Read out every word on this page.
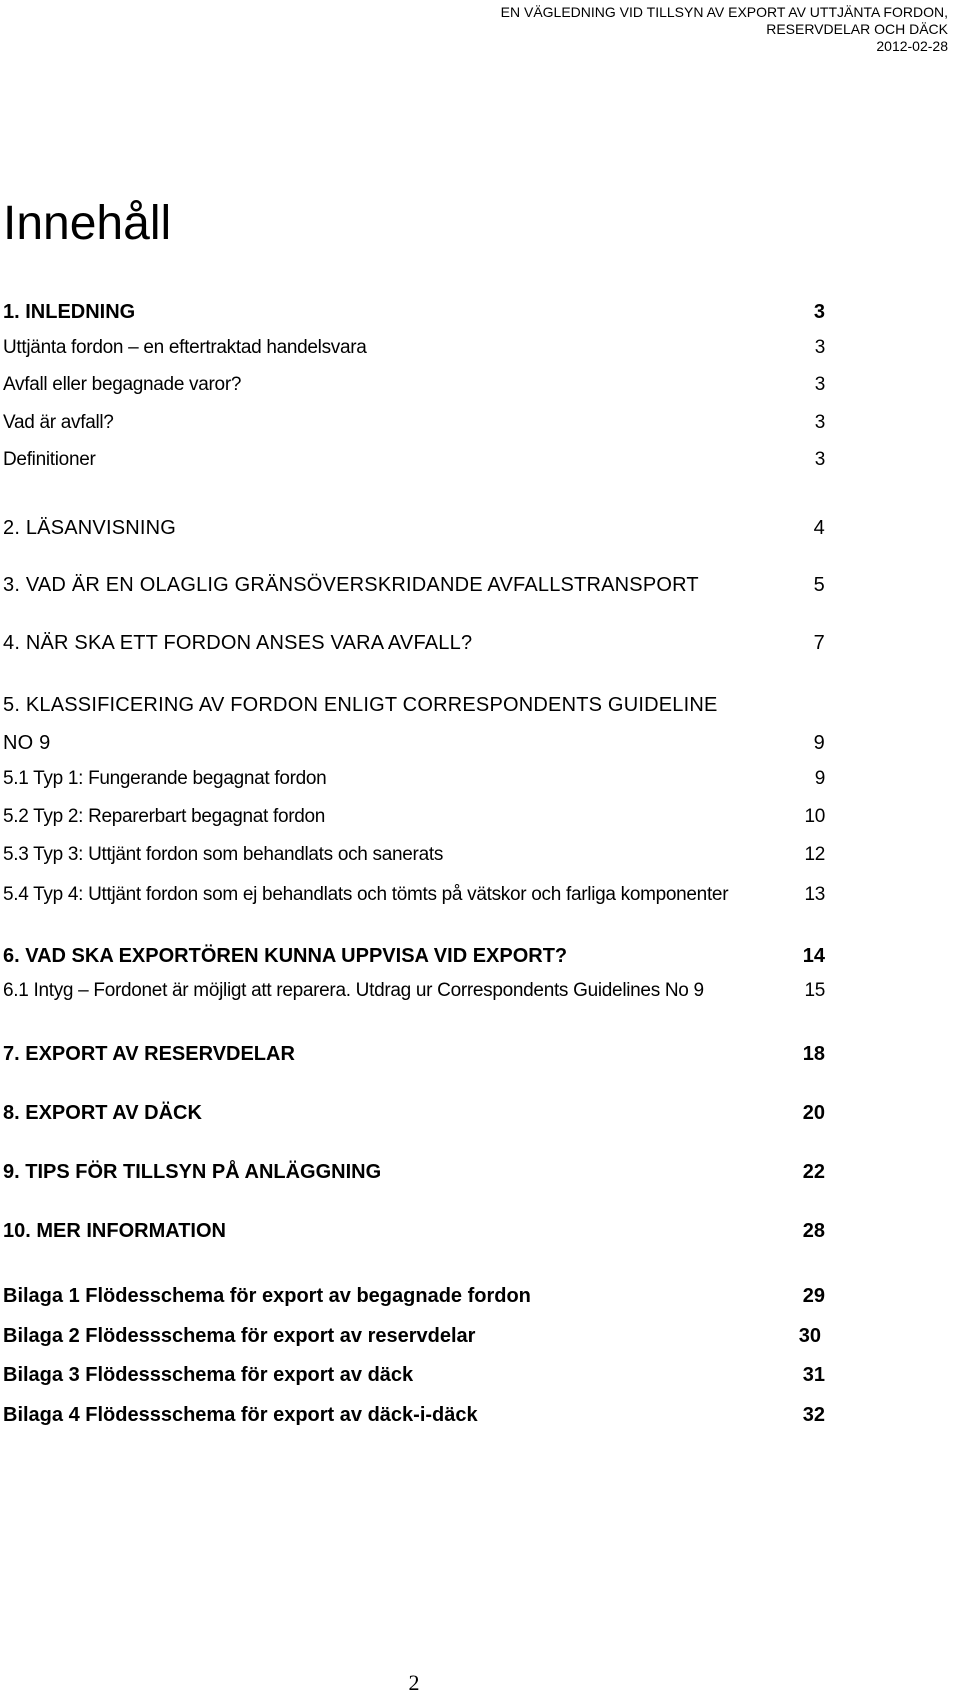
EN VÄGLEDNING VID TILLSYN AV EXPORT AV UTTJÄNTA FORDON,
RESERVDELAR OCH DÄCK
2012-02-28
Innehåll
1. INLEDNING	3
Uttjänta fordon – en eftertraktad handelsvara	3
Avfall eller begagnade varor?	3
Vad är avfall?	3
Definitioner	3
2. LÄSANVISNING	4
3. VAD ÄR EN OLAGLIG GRÄNSÖVERSKRIDANDE AVFALLSTRANSPORT	5
4. NÄR SKA ETT FORDON ANSES VARA AVFALL?	7
5. KLASSIFICERING AV FORDON ENLIGT CORRESPONDENTS GUIDELINE
NO 9	9
5.1 Typ 1: Fungerande begagnat fordon	9
5.2 Typ 2: Reparerbart begagnat fordon	10
5.3 Typ 3: Uttjänt fordon som behandlats och sanerats	12
5.4 Typ 4: Uttjänt fordon som ej behandlats och tömts på vätskor och farliga komponenter	13
6. VAD SKA EXPORTÖREN KUNNA UPPVISA VID EXPORT?	14
6.1 Intyg – Fordonet är möjligt att reparera. Utdrag ur Correspondents Guidelines No 9	15
7. EXPORT AV RESERVDELAR	18
8. EXPORT AV DÄCK	20
9. TIPS FÖR TILLSYN PÅ ANLÄGGNING	22
10. MER INFORMATION	28
Bilaga 1 Flödesschema för export av begagnade fordon	29
Bilaga 2 Flödessschema för export av reservdelar	30
Bilaga 3 Flödessschema för export av däck	31
Bilaga 4 Flödessschema för export av däck-i-däck	32
2
